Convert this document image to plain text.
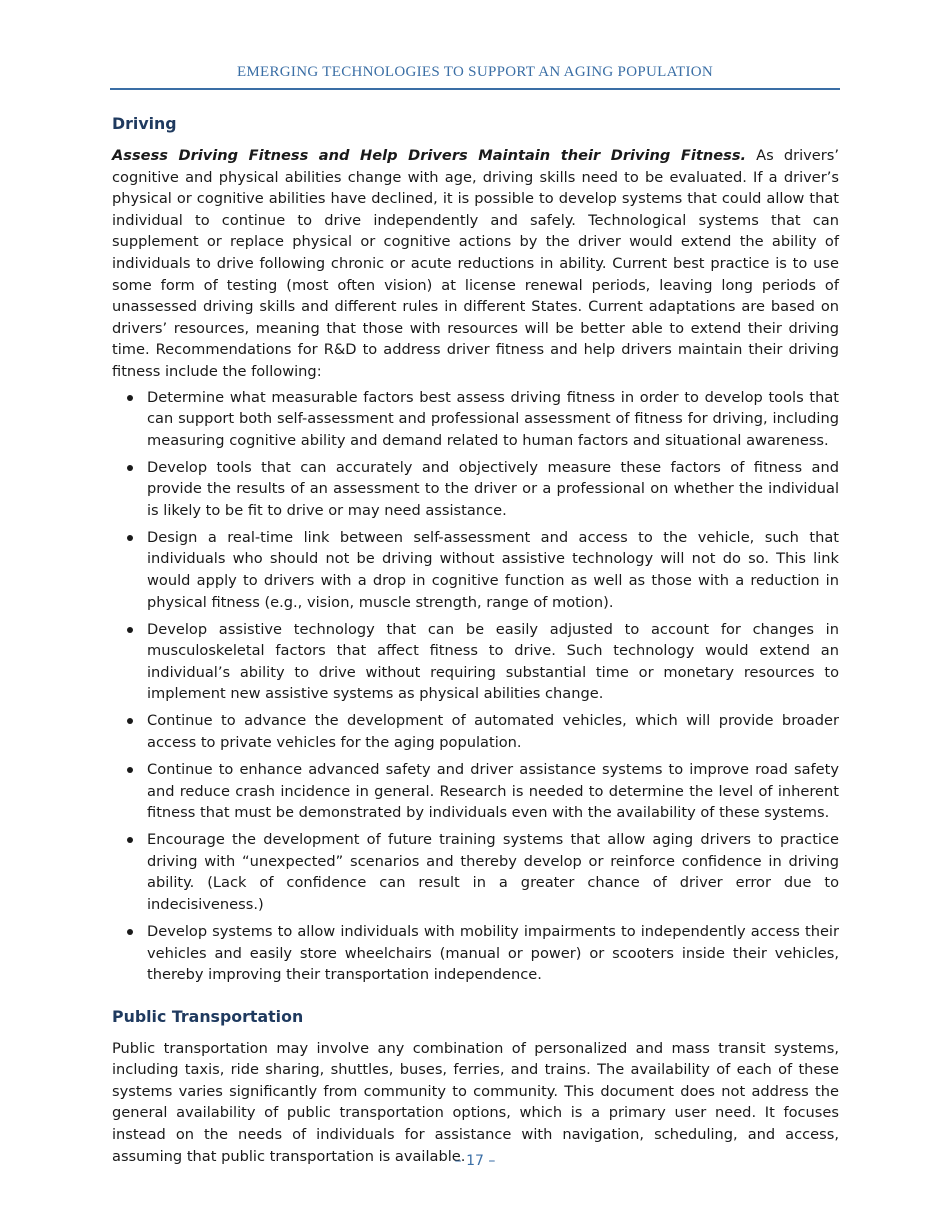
EMERGING TECHNOLOGIES TO SUPPORT AN AGING POPULATION
Driving

Assess Driving Fitness and Help Drivers Maintain their Driving Fitness. As drivers’ cognitive and physical abilities change with age, driving skills need to be evaluated. If a driver’s physical or cognitive abilities have declined, it is possible to develop systems that could allow that individual to continue to drive independently and safely. Technological systems that can supplement or replace physical or cognitive actions by the driver would extend the ability of individuals to drive following chronic or acute reductions in ability. Current best practice is to use some form of testing (most often vision) at license renewal periods, leaving long periods of unassessed driving skills and different rules in different States. Current adaptations are based on drivers’ resources, meaning that those with resources will be better able to extend their driving time. Recommendations for R&D to address driver fitness and help drivers maintain their driving fitness include the following:

Determine what measurable factors best assess driving fitness in order to develop tools that can support both self-assessment and professional assessment of fitness for driving, including measuring cognitive ability and demand related to human factors and situational awareness.
Develop tools that can accurately and objectively measure these factors of fitness and provide the results of an assessment to the driver or a professional on whether the individual is likely to be fit to drive or may need assistance.
Design a real-time link between self-assessment and access to the vehicle, such that individuals who should not be driving without assistive technology will not do so. This link would apply to drivers with a drop in cognitive function as well as those with a reduction in physical fitness (e.g., vision, muscle strength, range of motion).
Develop assistive technology that can be easily adjusted to account for changes in musculoskeletal factors that affect fitness to drive. Such technology would extend an individual’s ability to drive without requiring substantial time or monetary resources to implement new assistive systems as physical abilities change.
Continue to advance the development of automated vehicles, which will provide broader access to private vehicles for the aging population.
Continue to enhance advanced safety and driver assistance systems to improve road safety and reduce crash incidence in general. Research is needed to determine the level of inherent fitness that must be demonstrated by individuals even with the availability of these systems.
Encourage the development of future training systems that allow aging drivers to practice driving with “unexpected” scenarios and thereby develop or reinforce confidence in driving ability. (Lack of confidence can result in a greater chance of driver error due to indecisiveness.)
Develop systems to allow individuals with mobility impairments to independently access their vehicles and easily store wheelchairs (manual or power) or scooters inside their vehicles, thereby improving their transportation independence.
Public Transportation

Public transportation may involve any combination of personalized and mass transit systems, including taxis, ride sharing, shuttles, buses, ferries, and trains. The availability of each of these systems varies significantly from community to community. This document does not address the general availability of public transportation options, which is a primary user need. It focuses instead on the needs of individuals for assistance with navigation, scheduling, and access, assuming that public transportation is available.

– 17 –
